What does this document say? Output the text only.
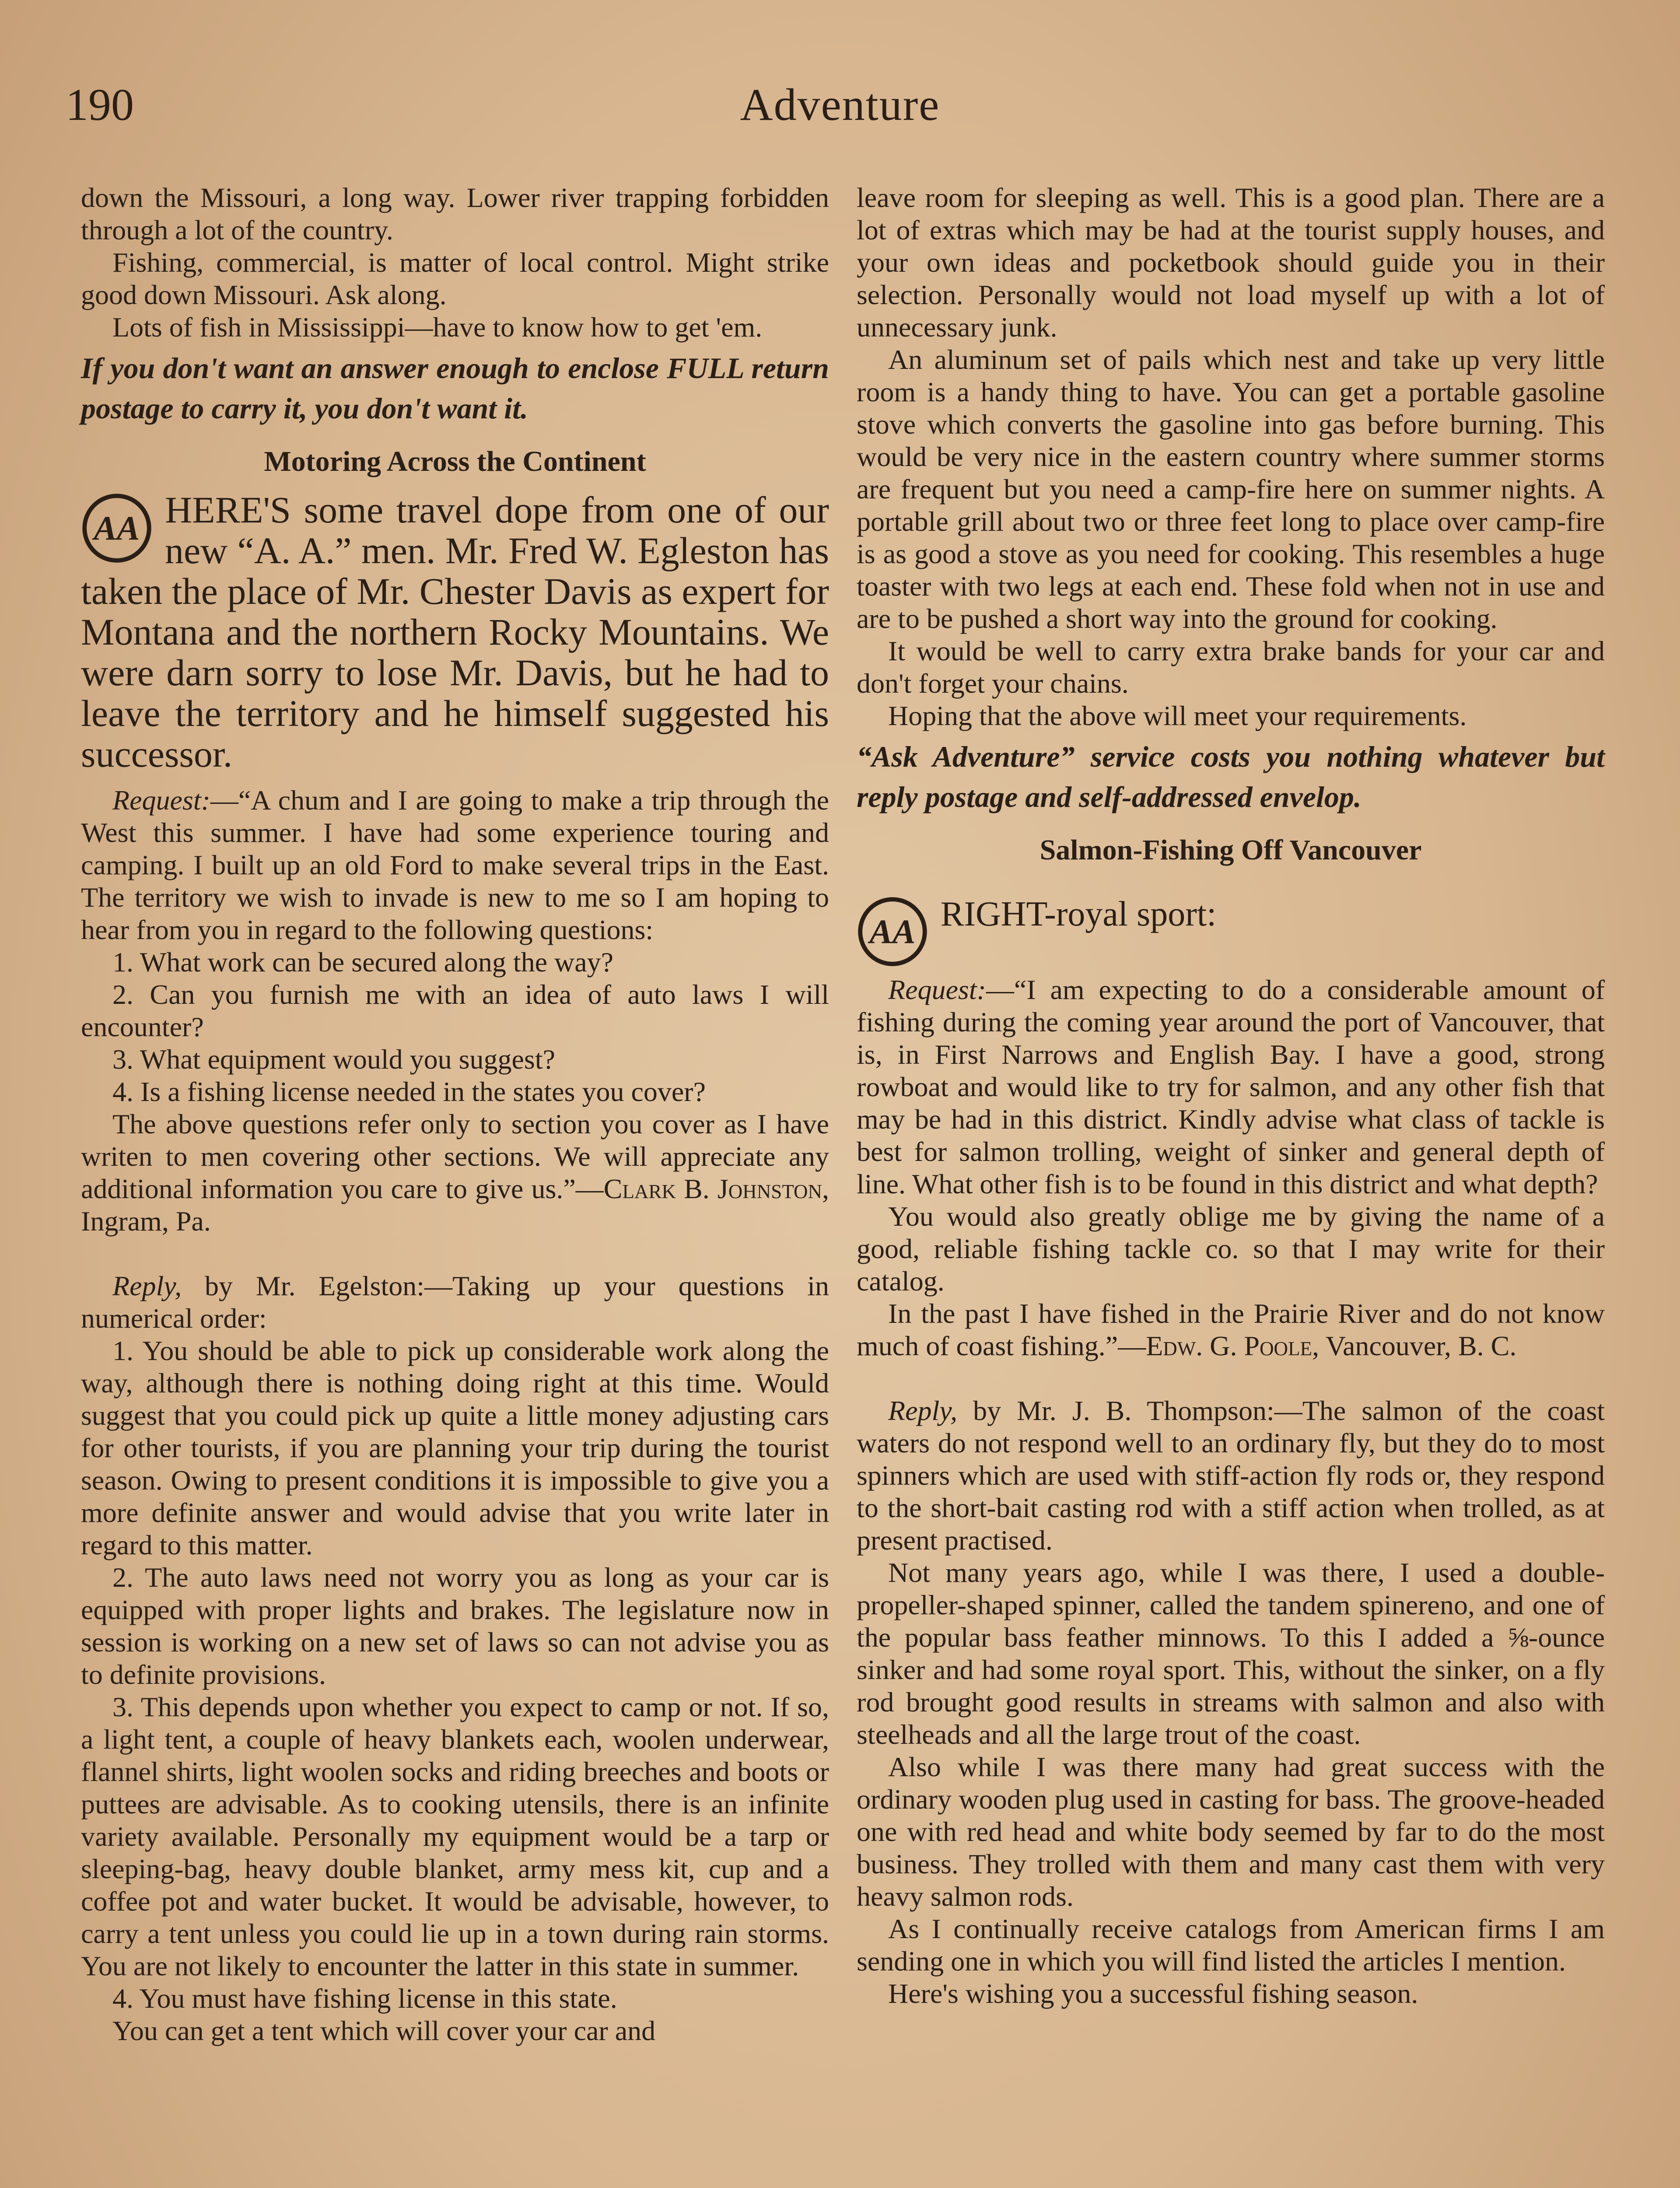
190	Adventure

down the Missouri, a long way. Lower river trapping forbidden through a lot of the country.

Fishing, commercial, is matter of local control. Might strike good down Missouri. Ask along.

Lots of fish in Mississippi—have to know how to get 'em.

If you don't want an answer enough to enclose FULL return postage to carry it, you don't want it.

Motoring Across the Continent

AA HERE'S some travel dope from one of our new “A. A.” men. Mr. Fred W. Egleston has taken the place of Mr. Chester Davis as expert for Montana and the northern Rocky Mountains. We were darn sorry to lose Mr. Davis, but he had to leave the territory and he himself suggested his successor.

Request:—“A chum and I are going to make a trip through the West this summer. I have had some experience touring and camping. I built up an old Ford to make several trips in the East. The territory we wish to invade is new to me so I am hoping to hear from you in regard to the following questions:

1. What work can be secured along the way?

2. Can you furnish me with an idea of auto laws I will encounter?

3. What equipment would you suggest?

4. Is a fishing license needed in the states you cover?

The above questions refer only to section you cover as I have writen to men covering other sections. We will appreciate any additional information you care to give us.”—Clark B. Johnston, Ingram, Pa.

Reply, by Mr. Egelston:—Taking up your questions in numerical order:

1. You should be able to pick up considerable work along the way, although there is nothing doing right at this time. Would suggest that you could pick up quite a little money adjusting cars for other tourists, if you are planning your trip during the tourist season. Owing to present conditions it is impossible to give you a more definite answer and would advise that you write later in regard to this matter.

2. The auto laws need not worry you as long as your car is equipped with proper lights and brakes. The legislature now in session is working on a new set of laws so can not advise you as to definite provisions.

3. This depends upon whether you expect to camp or not. If so, a light tent, a couple of heavy blankets each, woolen underwear, flannel shirts, light woolen socks and riding breeches and boots or puttees are advisable. As to cooking utensils, there is an infinite variety available. Personally my equipment would be a tarp or sleeping-bag, heavy double blanket, army mess kit, cup and a coffee pot and water bucket. It would be advisable, however, to carry a tent unless you could lie up in a town during rain storms. You are not likely to encounter the latter in this state in summer.

4. You must have fishing license in this state.

You can get a tent which will cover your car and

leave room for sleeping as well. This is a good plan. There are a lot of extras which may be had at the tourist supply houses, and your own ideas and pocketbook should guide you in their selection. Personally would not load myself up with a lot of unnecessary junk.

An aluminum set of pails which nest and take up very little room is a handy thing to have. You can get a portable gasoline stove which converts the gasoline into gas before burning. This would be very nice in the eastern country where summer storms are frequent but you need a camp-fire here on summer nights. A portable grill about two or three feet long to place over camp-fire is as good a stove as you need for cooking. This resembles a huge toaster with two legs at each end. These fold when not in use and are to be pushed a short way into the ground for cooking.

It would be well to carry extra brake bands for your car and don't forget your chains.

Hoping that the above will meet your requirements.

“Ask Adventure” service costs you nothing whatever but reply postage and self-addressed envelop.

Salmon-Fishing Off Vancouver

AA RIGHT-royal sport:

Request:—“I am expecting to do a considerable amount of fishing during the coming year around the port of Vancouver, that is, in First Narrows and English Bay. I have a good, strong rowboat and would like to try for salmon, and any other fish that may be had in this district. Kindly advise what class of tackle is best for salmon trolling, weight of sinker and general depth of line. What other fish is to be found in this district and what depth?

You would also greatly oblige me by giving the name of a good, reliable fishing tackle co. so that I may write for their catalog.

In the past I have fished in the Prairie River and do not know much of coast fishing.”—Edw. G. Poole, Vancouver, B. C.

Reply, by Mr. J. B. Thompson:—The salmon of the coast waters do not respond well to an ordinary fly, but they do to most spinners which are used with stiff-action fly rods or, they respond to the short-bait casting rod with a stiff action when trolled, as at present practised.

Not many years ago, while I was there, I used a double-propeller-shaped spinner, called the tandem spinereno, and one of the popular bass feather minnows. To this I added a ⅝-ounce sinker and had some royal sport. This, without the sinker, on a fly rod brought good results in streams with salmon and also with steelheads and all the large trout of the coast.

Also while I was there many had great success with the ordinary wooden plug used in casting for bass. The groove-headed one with red head and white body seemed by far to do the most business. They trolled with them and many cast them with very heavy salmon rods.

As I continually receive catalogs from American firms I am sending one in which you will find listed the articles I mention.

Here's wishing you a successful fishing season.
